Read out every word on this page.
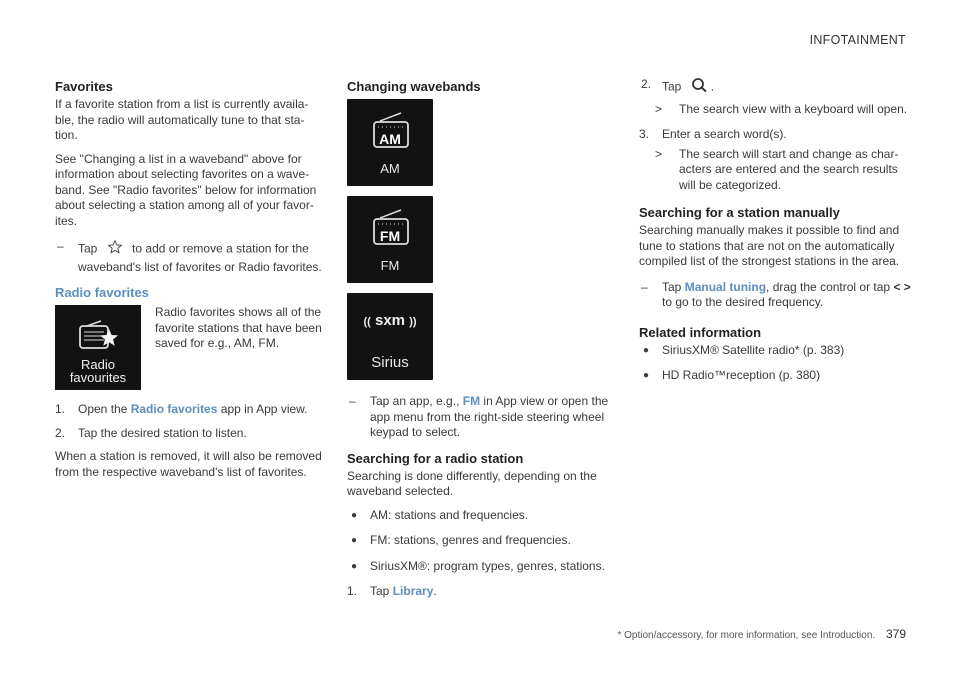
INFOTAINMENT
Favorites

If a favorite station from a list is currently availa-ble, the radio will automatically tune to that sta-tion.

See "Changing a list in a waveband" above for information about selecting favorites on a wave-band. See "Radio favorites" below for information about selecting a station among all of your favor-ites.

– Tap	to add or remove a station for the waveband's list of favorites or Radio favorites.
Radio favorites
Radio
favourites
Radio favorites shows all of the favorite stations that have been saved for e.g., AM, FM.
1. Open the Radio favorites app in App view.
2. Tap the desired station to listen.

When a station is removed, it will also be removed from the respective waveband's list of favorites.

Changing wavebands
AM
AM
FM
FM
(( sxm ))
Sirius
– Tap an app, e.g., FM in App view or open the app menu from the right-side steering wheel keypad to select.
Searching for a radio station

Searching is done differently, depending on the waveband selected.

● AM: stations and frequencies.
● FM: stations, genres and frequencies.
● SiriusXM®: program types, genres, stations.
1. Tap Library.
2. Tap .
> The search view with a keyboard will open.
3. Enter a search word(s).
> The search will start and change as char-acters are entered and the search results will be categorized.
Searching for a station manually

Searching manually makes it possible to find and tune to stations that are not on the automatically compiled list of the strongest stations in the area.

– Tap Manual tuning, drag the control or tap < > to go to the desired frequency.
Related information
● SiriusXM® Satellite radio* (p. 383)
● HD Radio™reception (p. 380)
* Option/accessory, for more information, see Introduction. 379
